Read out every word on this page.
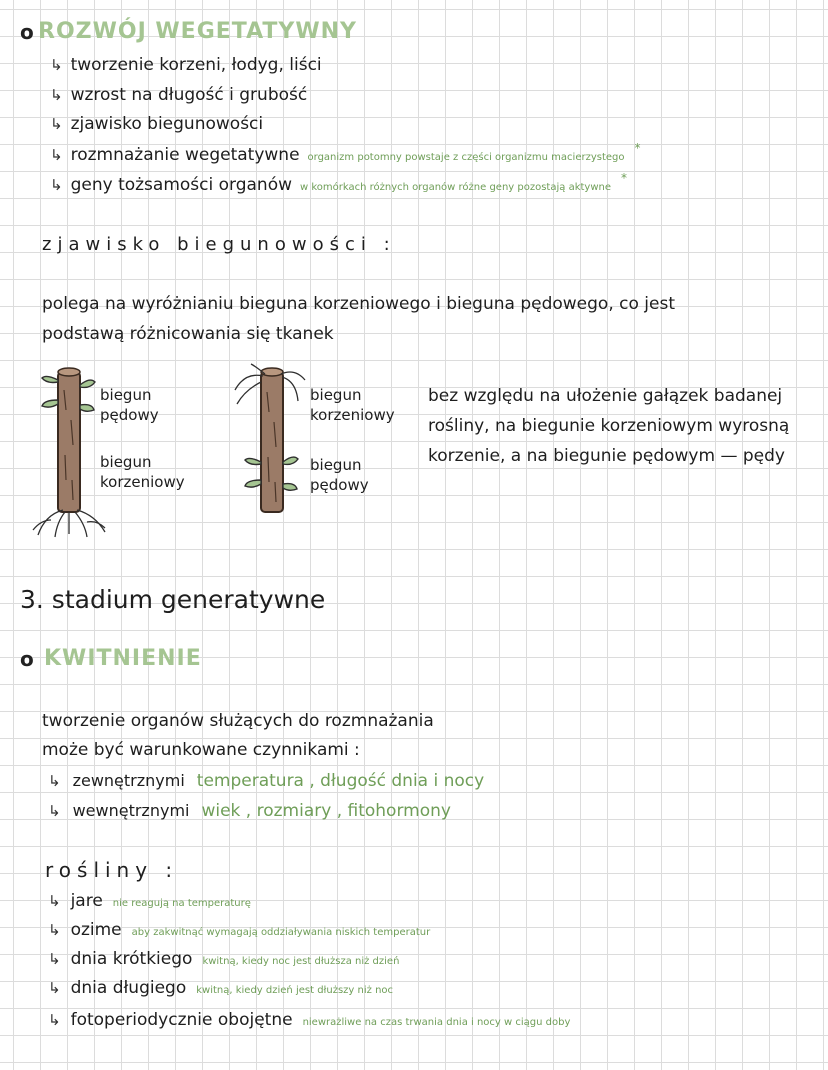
o ROZWÓJ WEGETATYWNY
↳ tworzenie korzeni, łodyg, liści
↳ wzrost na długość i grubość
↳ zjawisko biegunowości
↳ rozmnażanie wegetatywne organizm potomny powstaje z części organizmu macierzystego
*
↳ geny tożsamości organów w komórkach różnych organów różne geny pozostają aktywne
*
zjawisko biegunowości :
polega na wyróżnianiu bieguna korzeniowego i bieguna pędowego, co jest
podstawą różnicowania się tkanek
biegun
pędowy
biegun
korzeniowy
biegun
korzeniowy
biegun
pędowy
bez względu na ułożenie gałązek badanej rośliny, na biegunie korzeniowym wyrosną korzenie, a na biegunie pędowym — pędy
3. stadium generatywne
o KWITNIENIE
tworzenie organów służących do rozmnażania
może być warunkowane czynnikami :
↳ zewnętrznymi temperatura , długość dnia i nocy
↳ wewnętrznymi wiek , rozmiary , fitohormony
rośliny :
↳ jare nie reagują na temperaturę
↳ ozime aby zakwitnąć wymagają oddziaływania niskich temperatur
↳ dnia krótkiego kwitną, kiedy noc jest dłuższa niż dzień
↳ dnia długiego kwitną, kiedy dzień jest dłuższy niż noc
↳ fotoperiodycznie obojętne niewrażliwe na czas trwania dnia i nocy w ciągu doby
